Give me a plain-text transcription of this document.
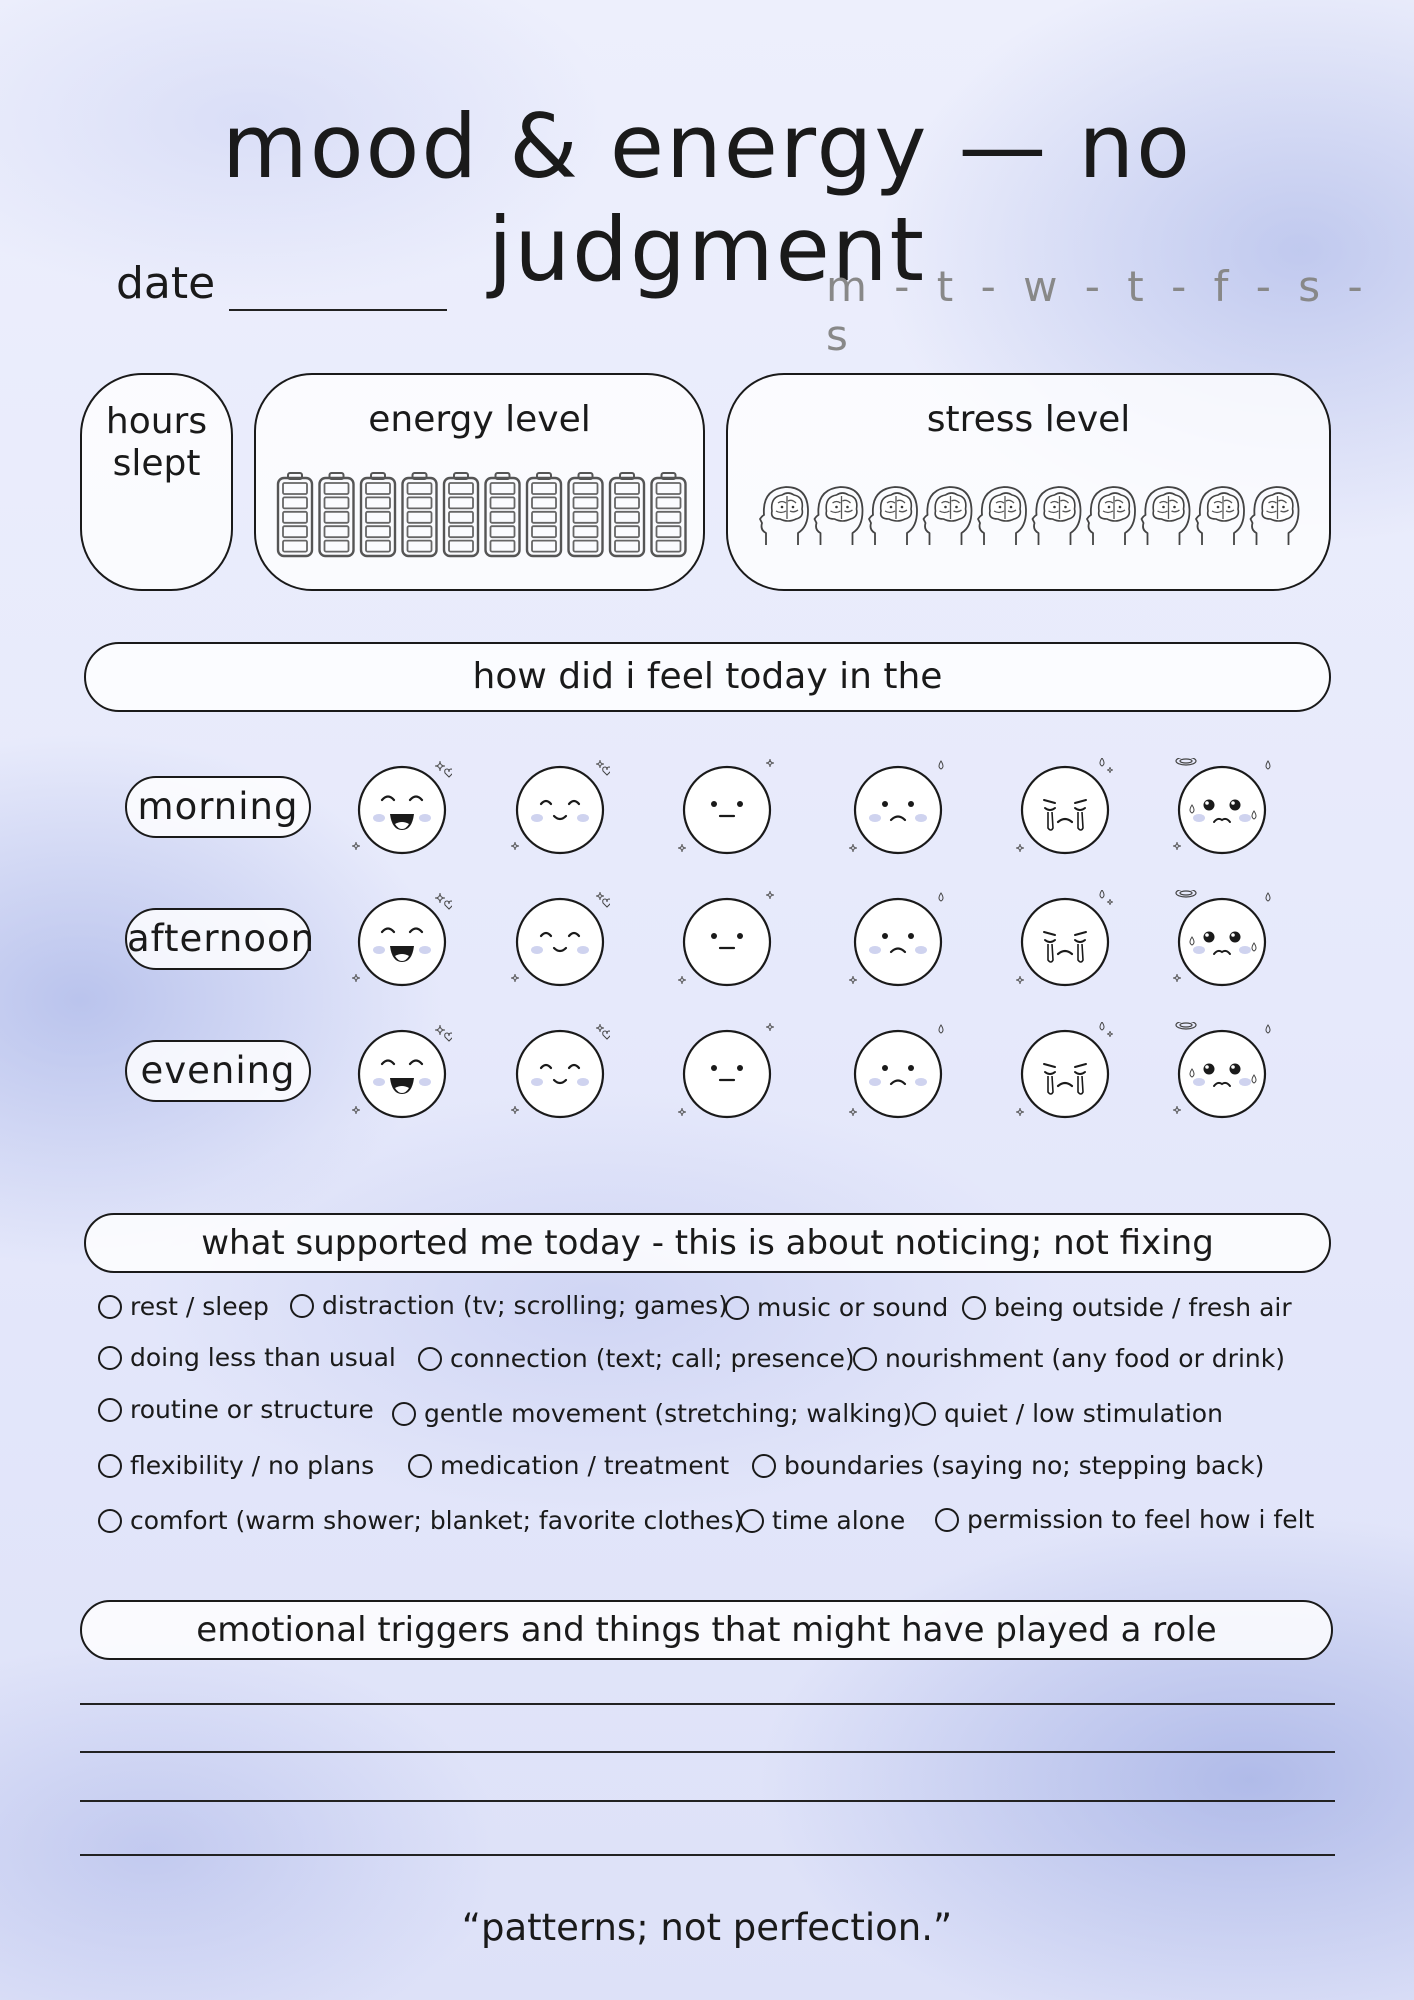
mood & energy — no judgment
date	m - t - w - t - f - s - s
hours slept
energy level	stress level
how did i feel today in the
morning
afternoon
evening
what supported me today - this is about noticing; not fixing
rest / sleep distraction (tv; scrolling; games) music or sound being outside / fresh air
doing less than usual connection (text; call; presence) nourishment (any food or drink)
routine or structure gentle movement (stretching; walking) quiet / low stimulation
flexibility / no plans	medication / treatment boundaries (saying no; stepping back)
comfort (warm shower; blanket; favorite clothes) time alone permission to feel how i felt
emotional triggers and things that might have played a role
“patterns; not perfection.”
